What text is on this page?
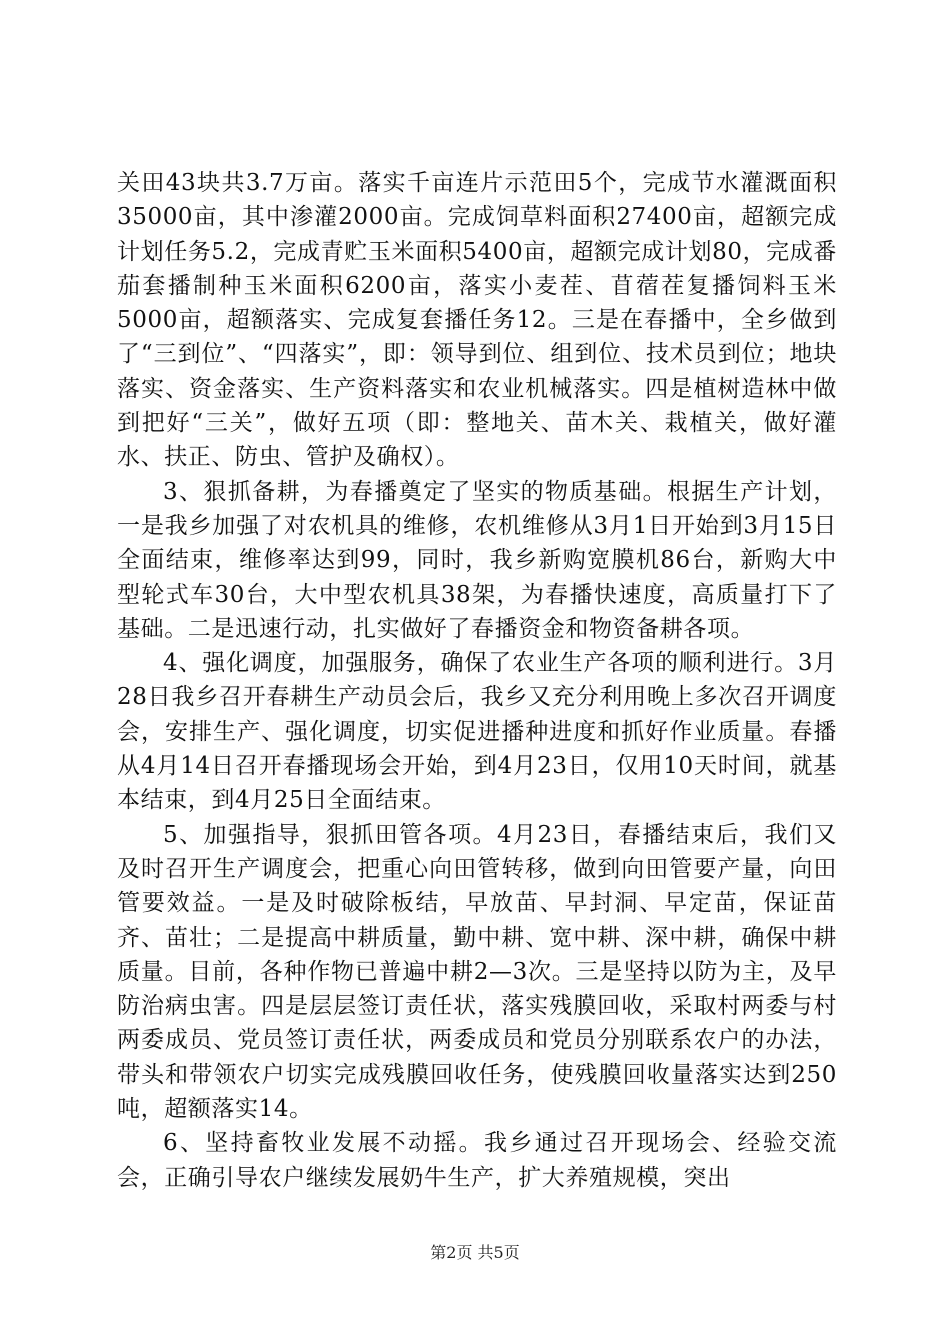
关田43块共3.7万亩。落实千亩连片示范田5个，完成节水灌溉面积35000亩，其中渗灌2000亩。完成饲草料面积27400亩，超额完成计划任务5.2，完成青贮玉米面积5400亩，超额完成计划80，完成番茄套播制种玉米面积6200亩，落实小麦茬、苜蓿茬复播饲料玉米5000亩，超额落实、完成复套播任务12。三是在春播中，全乡做到了“三到位”、“四落实”，即：领导到位、组到位、技术员到位；地块落实、资金落实、生产资料落实和农业机械落实。四是植树造林中做到把好“三关”，做好五项（即：整地关、苗木关、栽植关，做好灌水、扶正、防虫、管护及确权）。

3、狠抓备耕，为春播奠定了坚实的物质基础。根据生产计划，一是我乡加强了对农机具的维修，农机维修从3月1日开始到3月15日全面结束，维修率达到99，同时，我乡新购宽膜机86台，新购大中型轮式车30台，大中型农机具38架，为春播快速度，高质量打下了基础。二是迅速行动，扎实做好了春播资金和物资备耕各项。

4、强化调度，加强服务，确保了农业生产各项的顺利进行。3月28日我乡召开春耕生产动员会后，我乡又充分利用晚上多次召开调度会，安排生产、强化调度，切实促进播种进度和抓好作业质量。春播从4月14日召开春播现场会开始，到4月23日，仅用10天时间，就基本结束，到4月25日全面结束。

5、加强指导，狠抓田管各项。4月23日，春播结束后，我们又及时召开生产调度会，把重心向田管转移，做到向田管要产量，向田管要效益。一是及时破除板结，早放苗、早封洞、早定苗，保证苗齐、苗壮；二是提高中耕质量，勤中耕、宽中耕、深中耕，确保中耕质量。目前，各种作物已普遍中耕2—3次。三是坚持以防为主，及早防治病虫害。四是层层签订责任状，落实残膜回收，采取村两委与村两委成员、党员签订责任状，两委成员和党员分别联系农户的办法，带头和带领农户切实完成残膜回收任务，使残膜回收量落实达到250吨，超额落实14。

6、坚持畜牧业发展不动摇。我乡通过召开现场会、经验交流会，正确引导农户继续发展奶牛生产，扩大养殖规模，突出

第2页 共5页
